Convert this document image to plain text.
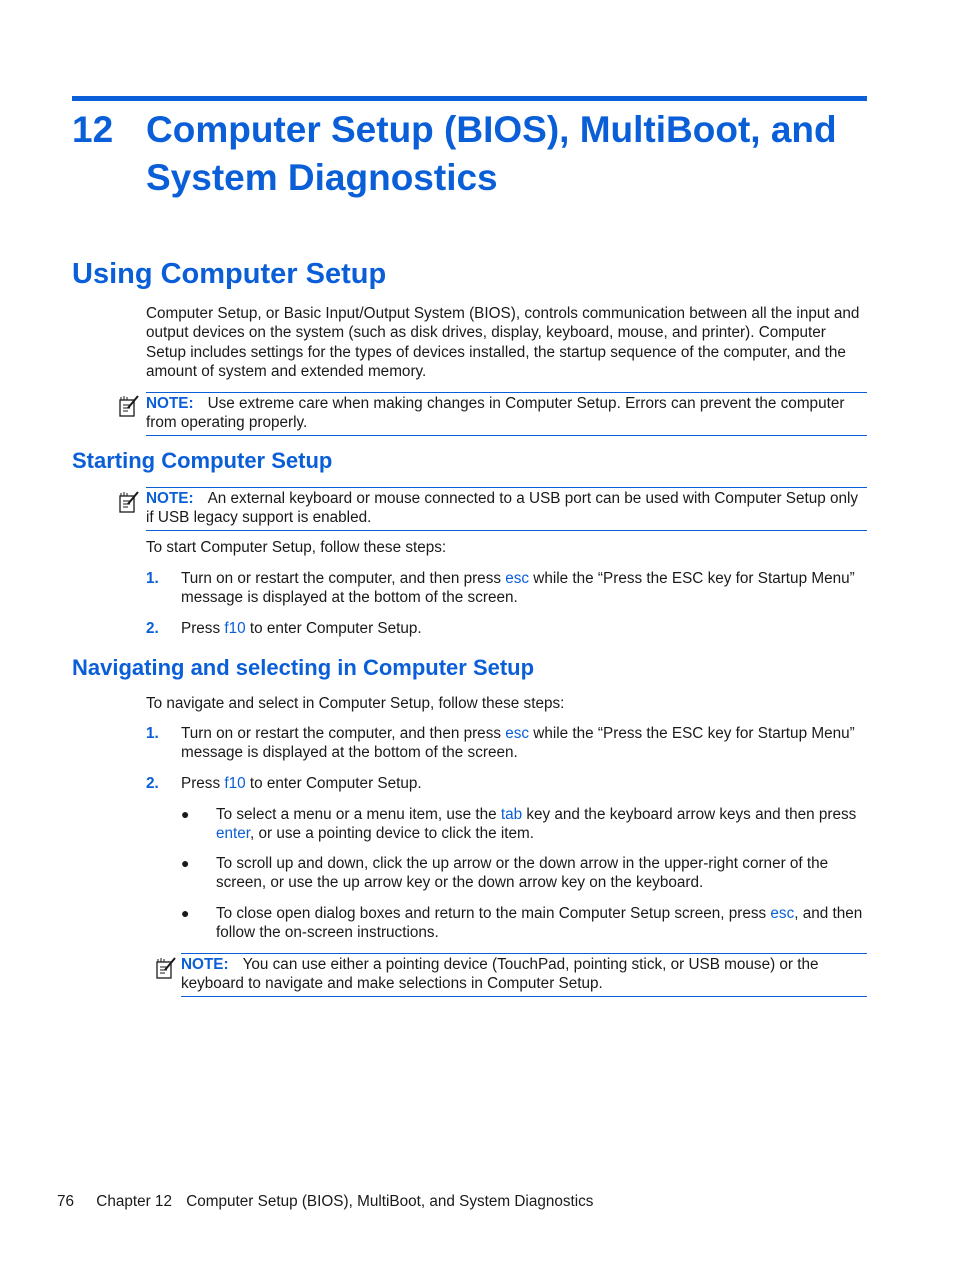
12 Computer Setup (BIOS), MultiBoot, and System Diagnostics
Using Computer Setup
Computer Setup, or Basic Input/Output System (BIOS), controls communication between all the input and output devices on the system (such as disk drives, display, keyboard, mouse, and printer). Computer Setup includes settings for the types of devices installed, the startup sequence of the computer, and the amount of system and extended memory.
NOTE: Use extreme care when making changes in Computer Setup. Errors can prevent the computer from operating properly.
Starting Computer Setup
NOTE: An external keyboard or mouse connected to a USB port can be used with Computer Setup only if USB legacy support is enabled.
To start Computer Setup, follow these steps:
1. Turn on or restart the computer, and then press esc while the “Press the ESC key for Startup Menu” message is displayed at the bottom of the screen.
2. Press f10 to enter Computer Setup.
Navigating and selecting in Computer Setup
To navigate and select in Computer Setup, follow these steps:
1. Turn on or restart the computer, and then press esc while the “Press the ESC key for Startup Menu” message is displayed at the bottom of the screen.
2. Press f10 to enter Computer Setup.
● To select a menu or a menu item, use the tab key and the keyboard arrow keys and then press enter, or use a pointing device to click the item.
● To scroll up and down, click the up arrow or the down arrow in the upper-right corner of the screen, or use the up arrow key or the down arrow key on the keyboard.
● To close open dialog boxes and return to the main Computer Setup screen, press esc, and then follow the on-screen instructions.
NOTE: You can use either a pointing device (TouchPad, pointing stick, or USB mouse) or the keyboard to navigate and make selections in Computer Setup.
76 Chapter 12 Computer Setup (BIOS), MultiBoot, and System Diagnostics
